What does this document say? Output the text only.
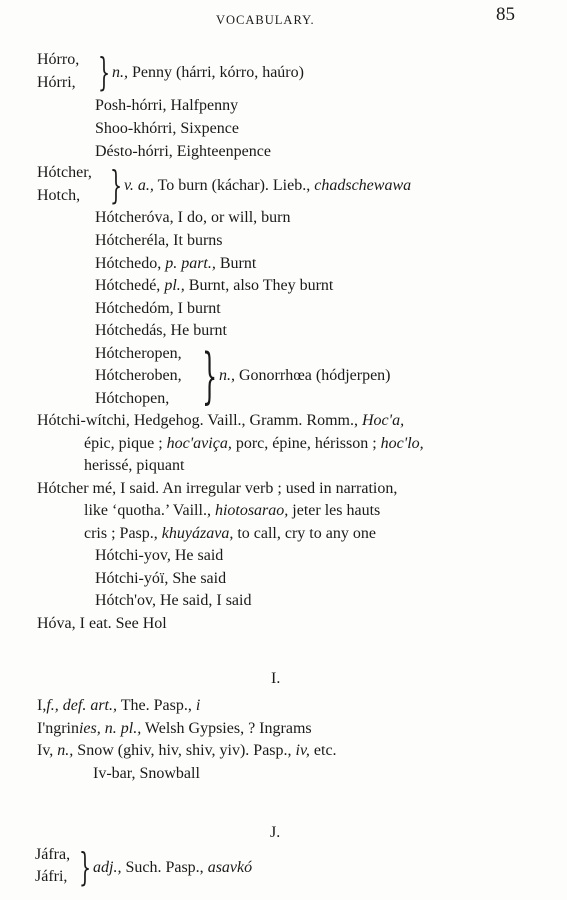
VOCABULARY.	85
Hórro,
Hórri, } n., Penny (hárri, kórro, haúro)
Posh-hórri, Halfpenny
Shoo-khórri, Sixpence
Désto-hórri, Eighteenpence
Hótcher,
Hotch, } v. a., To burn (káchar). Lieb., chadschewawa
Hótcheróva, I do, or will, burn
Hótcheréla, It burns
Hótchedo, p. part., Burnt
Hótchedé, pl., Burnt, also They burnt
Hótchedóm, I burnt
Hótchedás, He burnt
Hótcheropen,
Hótcheroben,
Hótchopen, } n., Gonorrhœa (hódjerpen)
Hótchi-wítchi, Hedgehog. Vaill., Gramm. Romm., Hoc'a,
épic, pique ; hoc'aviça, porc, épine, hérisson ; hoc'lo,
herissé, piquant
Hótcher mé, I said. An irregular verb ; used in narration,
like ‘quotha.’ Vaill., hiotosarao, jeter les hauts
cris ; Pasp., khuyázava, to call, cry to any one
Hótchi-yov, He said
Hótchi-yóï, She said
Hótch'ov, He said, I said
Hóva, I eat. See Hol
I.
I,f., def. art., The. Pasp., i
I'ngrinies, n. pl., Welsh Gypsies, ? Ingrams
Iv, n., Snow (ghiv, hiv, shiv, yiv). Pasp., iv, etc.
Iv-bar, Snowball
J.
Jáfra,
Jáfri, } adj., Such. Pasp., asavkó
